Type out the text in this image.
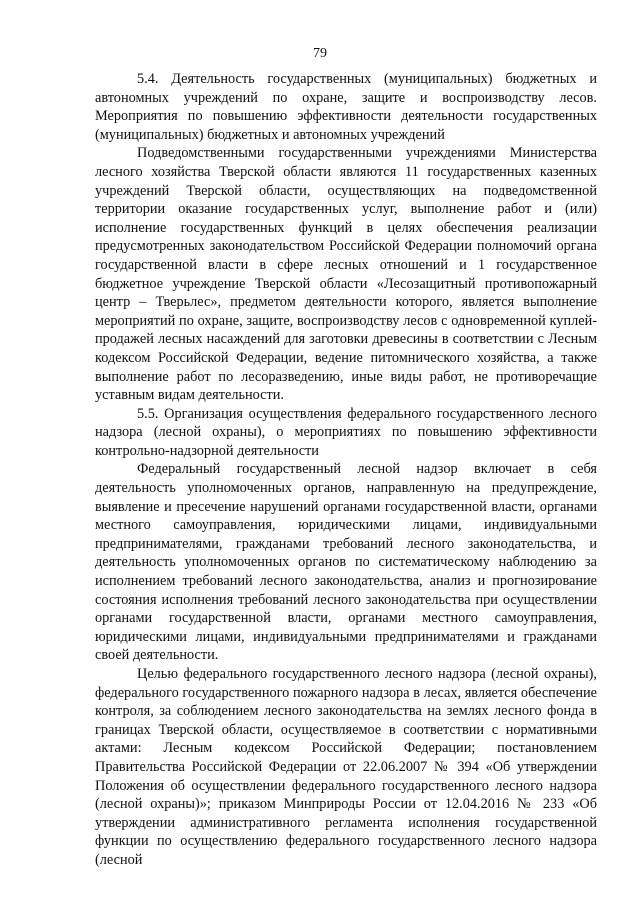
79

5.4. Деятельность государственных (муниципальных) бюджетных и автономных учреждений по охране, защите и воспроизводству лесов. Мероприятия по повышению эффективности деятельности государственных (муниципальных) бюджетных и автономных учреждений

Подведомственными государственными учреждениями Министерства лесного хозяйства Тверской области являются 11 государственных казенных учреждений Тверской области, осуществляющих на подведомственной территории оказание государственных услуг, выполнение работ и (или) исполнение государственных функций в целях обеспечения реализации предусмотренных законодательством Российской Федерации полномочий органа государственной власти в сфере лесных отношений и 1 государственное бюджетное учреждение Тверской области «Лесозащитный противопожарный центр – Тверьлес», предметом деятельности которого, является выполнение мероприятий по охране, защите, воспроизводству лесов с одновременной куплей-продажей лесных насаждений для заготовки древесины в соответствии с Лесным кодексом Российской Федерации, ведение питомнического хозяйства, а также выполнение работ по лесоразведению, иные виды работ, не противоречащие уставным видам деятельности.

5.5. Организация осуществления федерального государственного лесного надзора (лесной охраны), о мероприятиях по повышению эффективности контрольно-надзорной деятельности

Федеральный государственный лесной надзор включает в себя деятельность уполномоченных органов, направленную на предупреждение, выявление и пресечение нарушений органами государственной власти, органами местного самоуправления, юридическими лицами, индивидуальными предпринимателями, гражданами требований лесного законодательства, и деятельность уполномоченных органов по систематическому наблюдению за исполнением требований лесного законодательства, анализ и прогнозирование состояния исполнения требований лесного законодательства при осуществлении органами государственной власти, органами местного самоуправления, юридическими лицами, индивидуальными предпринимателями и гражданами своей деятельности.

Целью федерального государственного лесного надзора (лесной охраны), федерального государственного пожарного надзора в лесах, является обеспечение контроля, за соблюдением лесного законодательства на землях лесного фонда в границах Тверской области, осуществляемое в соответствии с нормативными актами: Лесным кодексом Российской Федерации; постановлением Правительства Российской Федерации от 22.06.2007 № 394 «Об утверждении Положения об осуществлении федерального государственного лесного надзора (лесной охраны)»; приказом Минприроды России от 12.04.2016 № 233 «Об утверждении административного регламента исполнения государственной функции по осуществлению федерального государственного лесного надзора (лесной
